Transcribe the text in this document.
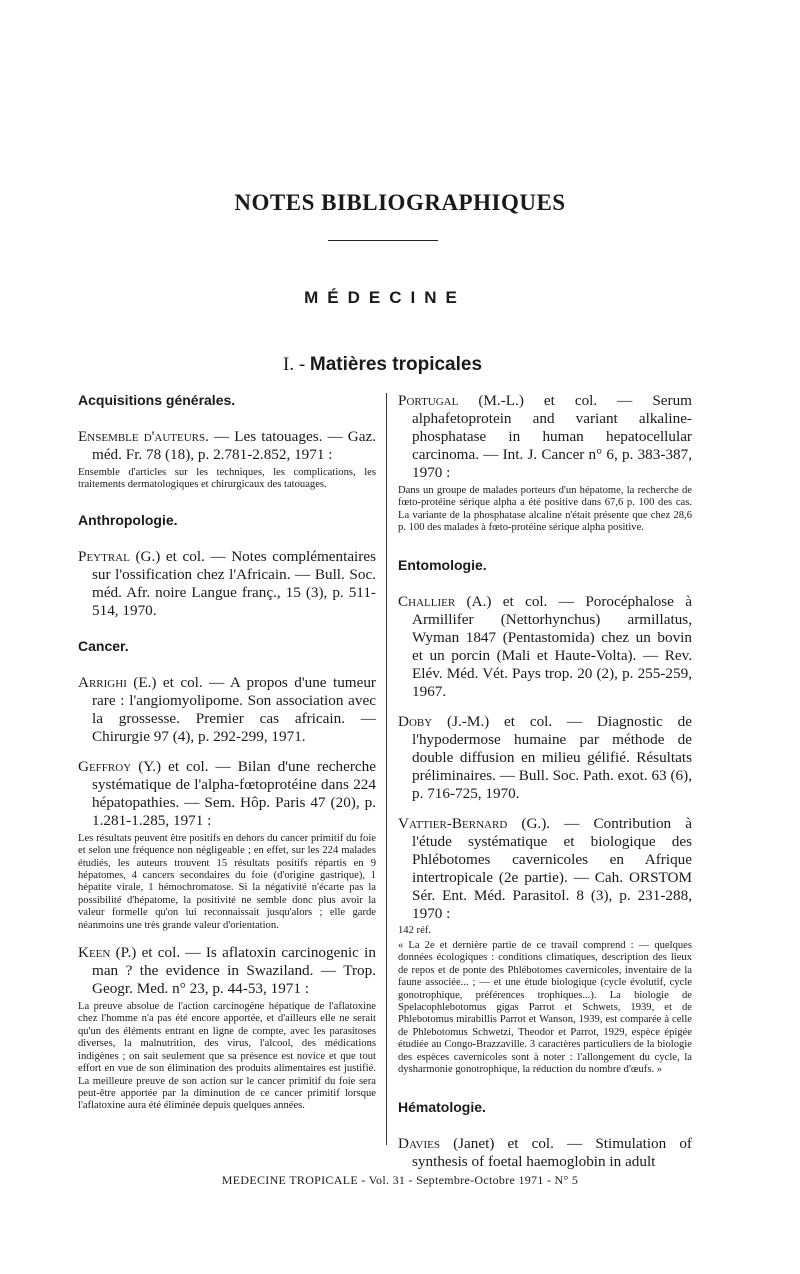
NOTES BIBLIOGRAPHIQUES
MÉDECINE
I. - Matières tropicales
Acquisitions générales.

Ensemble d'auteurs. — Les tatouages. — Gaz. méd. Fr. 78 (18), p. 2.781-2.852, 1971 :

Ensemble d'articles sur les techniques, les complications, les traitements dermatologiques et chirurgicaux des tatouages.

Anthropologie.

Peytral (G.) et col. — Notes complémentaires sur l'ossification chez l'Africain. — Bull. Soc. méd. Afr. noire Langue franç., 15 (3), p. 511-514, 1970.

Cancer.

Arrighi (E.) et col. — A propos d'une tumeur rare : l'angiomyolipome. Son association avec la grossesse. Premier cas africain. — Chirurgie 97 (4), p. 292-299, 1971.

Geffroy (Y.) et col. — Bilan d'une recherche systématique de l'alpha-fœtoprotéine dans 224 hépatopathies. — Sem. Hôp. Paris 47 (20), p. 1.281-1.285, 1971 :

Les résultats peuvent être positifs en dehors du cancer primitif du foie et selon une fréquence non négligeable ; en effet, sur les 224 malades étudiés, les auteurs trouvent 15 résultats positifs répartis en 9 hépatomes, 4 cancers secondaires du foie (d'origine gastrique), 1 hépatite virale, 1 hémochromatose. Si la négativité n'écarte pas la possibilité d'hépatome, la positivité ne semble donc plus avoir la valeur formelle qu'on lui reconnaissait jusqu'alors ; elle garde néanmoins une très grande valeur d'orientation.

Keen (P.) et col. — Is aflatoxin carcinogenic in man ? the evidence in Swaziland. — Trop. Geogr. Med. n° 23, p. 44-53, 1971 :

La preuve absolue de l'action carcinogène hépatique de l'aflatoxine chez l'homme n'a pas été encore apportée, et d'ailleurs elle ne serait qu'un des éléments entrant en ligne de compte, avec les parasitoses diverses, la malnutrition, des virus, l'alcool, des médications indigènes ; on sait seulement que sa présence est novice et que tout effort en vue de son élimination des produits alimentaires est justifié. La meilleure preuve de son action sur le cancer primitif du foie sera peut-être apportée par la diminution de ce cancer primitif lorsque l'aflatoxine aura été éliminée depuis quelques années.

Portugal (M.-L.) et col. — Serum alphafetoprotein and variant alkaline-phosphatase in human hepatocellular carcinoma. — Int. J. Cancer n° 6, p. 383-387, 1970 :

Dans un groupe de malades porteurs d'un hépatome, la recherche de fœto-protéine sérique alpha a été positive dans 67,6 p. 100 des cas. La variante de la phosphatase alcaline n'était présente que chez 28,6 p. 100 des malades à fœto-protéine sérique alpha positive.

Entomologie.

Challier (A.) et col. — Porocéphalose à Armillifer (Nettorhynchus) armillatus, Wyman 1847 (Pentastomida) chez un bovin et un porcin (Mali et Haute-Volta). — Rev. Elév. Méd. Vét. Pays trop. 20 (2), p. 255-259, 1967.

Doby (J.-M.) et col. — Diagnostic de l'hypodermose humaine par méthode de double diffusion en milieu gélifié. Résultats préliminaires. — Bull. Soc. Path. exot. 63 (6), p. 716-725, 1970.

Vattier-Bernard (G.). — Contribution à l'étude systématique et biologique des Phlébotomes cavernicoles en Afrique intertropicale (2e partie). — Cah. ORSTOM Sér. Ent. Méd. Parasitol. 8 (3), p. 231-288, 1970 :

142 réf.

« La 2e et dernière partie de ce travail comprend : — quelques données écologiques : conditions climatiques, description des lieux de repos et de ponte des Phlébotomes cavernicoles, inventaire de la faune associée... ; — et une étude biologique (cycle évolutif, cycle gonotrophique, préférences trophiques...). La biologie de Spelacophlebotomus gigas Parrot et Schwets, 1939, et de Phlebotomus mirabillis Parrot et Wanson, 1939, est comparée à celle de Phlebotomus Schwetzi, Theodor et Parrot, 1929, espèce épigée étudiée au Congo-Brazzaville. 3 caractères particuliers de la biologie des espèces cavernicoles sont à noter : l'allongement du cycle, la dysharmonie gonotrophique, la réduction du nombre d'œufs. »

Hématologie.

Davies (Janet) et col. — Stimulation of synthesis of foetal haemoglobin in adult

MEDECINE TROPICALE - Vol. 31 - Septembre-Octobre 1971 - N° 5
